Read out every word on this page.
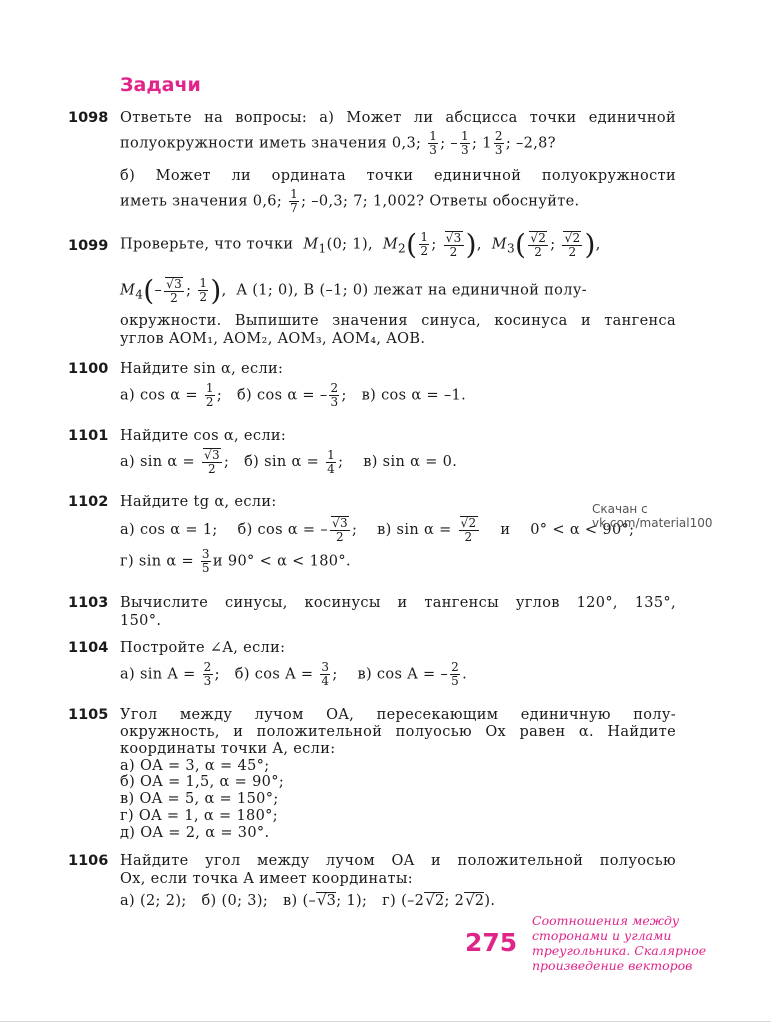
Задачи
1098 Ответьте на вопросы: а) Может ли абсцисса точки единичной
полуокружности иметь значения 0,3; $\frac{1}{3}$ ; – $\frac{1}{3}$ ; $1 \frac{2}{3}$ ; –2,8?
б) Может ли ордината точки единичной полуокружности
иметь значения 0,6; $\frac{1}{7}$ ; –0,3; 7; 1,002? Ответы обоснуйте.
1099 Проверьте, что точки $M_1(0$; 1),  $M_2( \frac{1}{2}$ ; $\frac{√3}{2}$ ),  $M_3( \frac{√2}{2}$ ; $\frac{√2}{2}$ ),
$M_4(- \frac{√3}{2}$ ; $\frac{1}{2}$ ),  A (1; 0), B (–1; 0) лежат на единичной полу-
окружности. Выпишите значения синуса, косинуса и тангенса
углов AOM₁, AOM₂, AOM₃, AOM₄, AOB.
1100 Найдите sin α, если:
а) $\cos \alpha = \frac{1}{2}$ ;   б) cos α = – $\frac{2}{3}$ ;   в) cos α = –1.
1101 Найдите cos α, если:
а) $\sin \alpha = \frac{√3}{2}$ ;   б) $\sin \alpha = \frac{1}{4}$ ;    в) sin α = 0.
1102 Найдите tg α, если:
а) cos α = 1; б) cos α = – $\frac{√3}{2}$ ;    в) $\sin \alpha = \frac{√2}{2}$ и 0° < α < 90°;
г) $\sin \alpha = \frac{3}{5}$ и 90° < α < 180°.
1103 Вычислите синусы, косинусы и тангенсы углов 120°, 135°,
150°.
1104 Постройте ∠A, если:
а) $\sin A = \frac{2}{3}$ ;   б) $\cos A = \frac{3}{4}$ ;    в) cos A = – $\frac{2}{5}$ .
1105 Угол между лучом OA, пересекающим единичную полу-
окружность, и положительной полуосью Ox равен α. Найдите
координаты точки A, если:
а) OA = 3, α = 45°;
б) OA = 1,5, α = 90°;
в) OA = 5, α = 150°;
г) OA = 1, α = 180°;
д) OA = 2, α = 30°.
1106 Найдите угол между лучом OA и положительной полуосью
Ox, если точка A имеет координаты:
а) (2; 2); б) (0; 3); в) (–√3; 1); г) (–2√2; 2√2).
Скачан с vk.com/material100
275
Соотношения между
сторонами и углами
треугольника. Скалярное
произведение векторов
